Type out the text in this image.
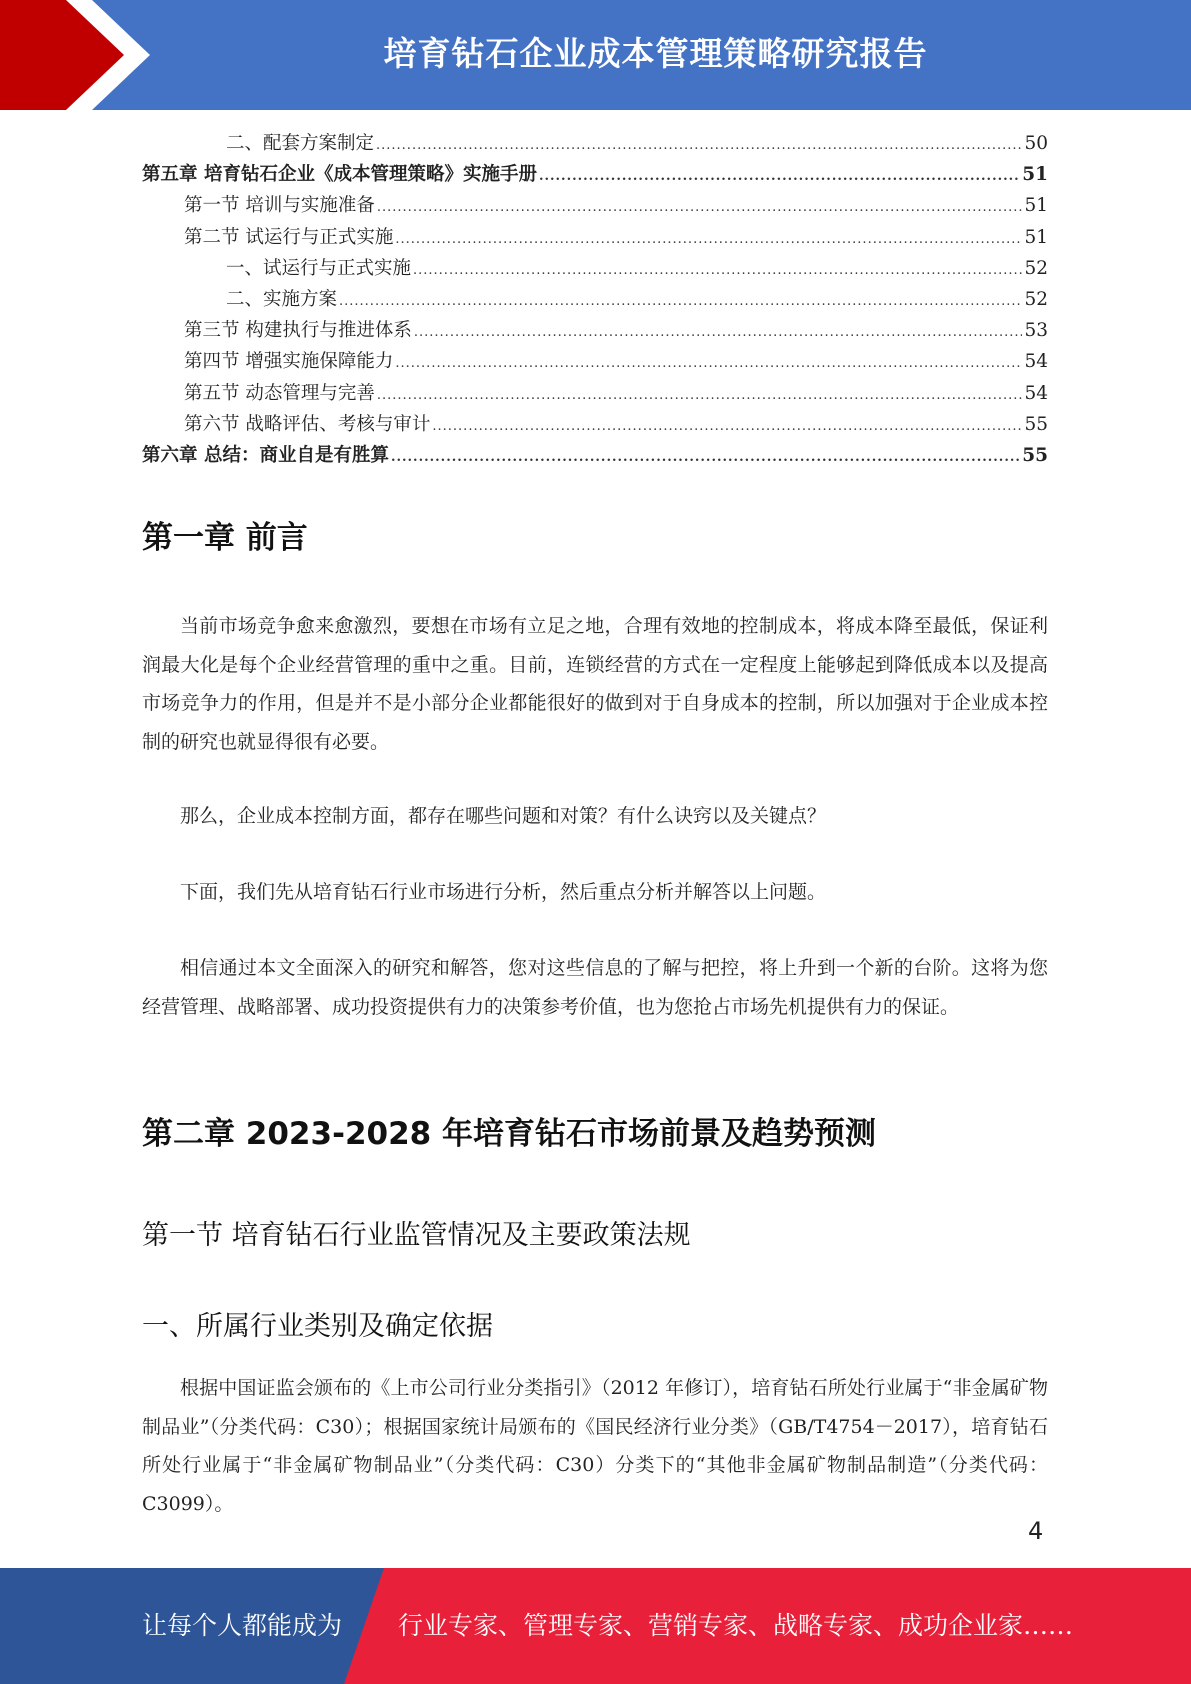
培育钻石企业成本管理策略研究报告
二、配套方案制定 .....	50
第五章 培育钻石企业《成本管理策略》实施手册 .....	51
第一节 培训与实施准备 .....	51
第二节 试运行与正式实施 .....	51
一、试运行与正式实施 .....	52
二、实施方案 .....	52
第三节 构建执行与推进体系 .....	53
第四节 增强实施保障能力 .....	54
第五节 动态管理与完善 .....	54
第六节 战略评估、考核与审计 .....	55
第六章 总结：商业自是有胜算 .....	55
第一章 前言

当前市场竞争愈来愈激烈，要想在市场有立足之地，合理有效地的控制成本，将成本降至最低，保证利润最大化是每个企业经营管理的重中之重。目前，连锁经营的方式在一定程度上能够起到降低成本以及提高市场竞争力的作用，但是并不是小部分企业都能很好的做到对于自身成本的控制，所以加强对于企业成本控制的研究也就显得很有必要。

那么，企业成本控制方面，都存在哪些问题和对策？有什么诀窍以及关键点？

下面，我们先从培育钻石行业市场进行分析，然后重点分析并解答以上问题。

相信通过本文全面深入的研究和解答，您对这些信息的了解与把控，将上升到一个新的台阶。这将为您经营管理、战略部署、成功投资提供有力的决策参考价值，也为您抢占市场先机提供有力的保证。

第二章 2023-2028 年培育钻石市场前景及趋势预测
第一节 培育钻石行业监管情况及主要政策法规
一、所属行业类别及确定依据

根据中国证监会颁布的《上市公司行业分类指引》（2012 年修订），培育钻石所处行业属于“非金属矿物制品业”（分类代码：C30）；根据国家统计局颁布的《国民经济行业分类》（GB/T4754－2017），培育钻石所处行业属于“非金属矿物制品业”（分类代码：C30）分类下的“其他非金属矿物制品制造”（分类代码：C3099）。

4
让每个人都能成为 行业专家、管理专家、营销专家、战略专家、成功企业家……
